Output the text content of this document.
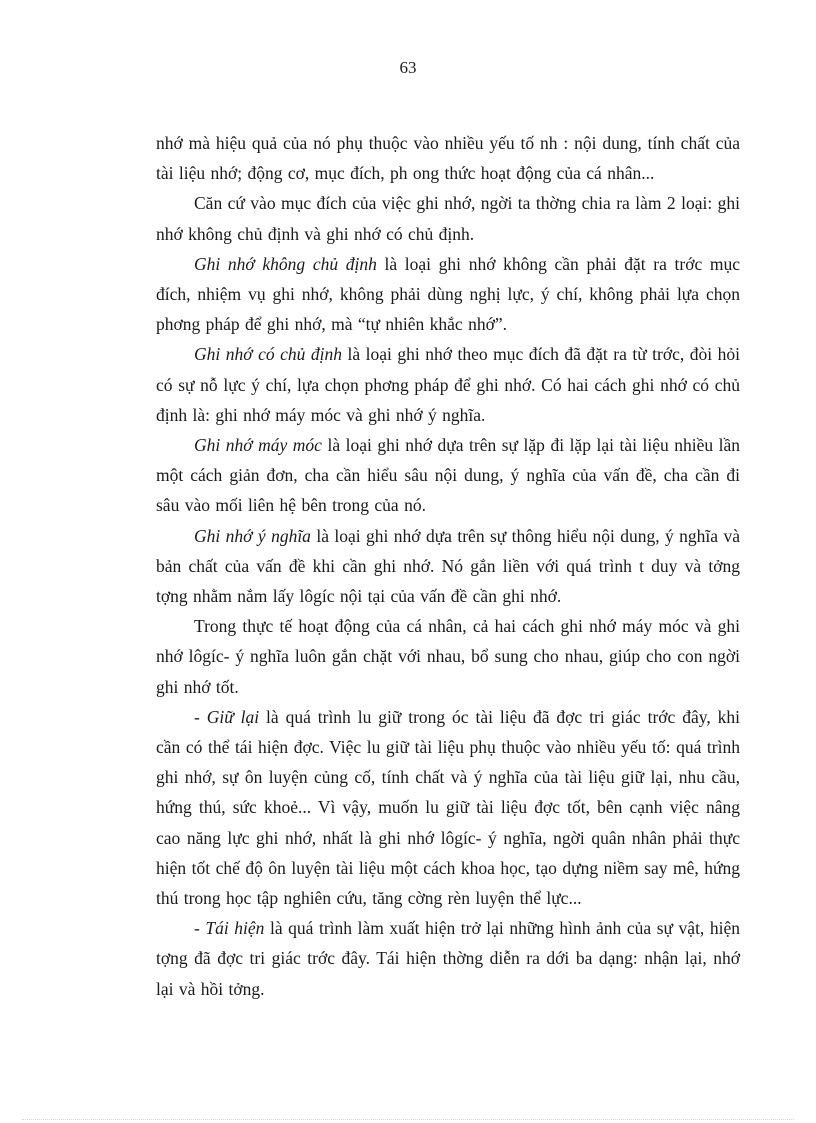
63

nhớ mà hiệu quả của nó phụ thuộc vào nhiều yếu tố nh : nội dung, tính chất của tài liệu nhớ; động cơ, mục đích, ph ong thức hoạt động của cá nhân...

Căn cứ vào mục đích của việc ghi nhớ, ngời ta thờng chia ra làm 2 loại: ghi nhớ không chủ định và ghi nhớ có chủ định.

Ghi nhớ không chủ định là loại ghi nhớ không cần phải đặt ra trớc mục đích, nhiệm vụ ghi nhớ, không phải dùng nghị lực, ý chí, không phải lựa chọn phơng pháp để ghi nhớ, mà “tự nhiên khắc nhớ”.

Ghi nhớ có chủ định là loại ghi nhớ theo mục đích đã đặt ra từ trớc, đòi hỏi có sự nỗ lực ý chí, lựa chọn phơng pháp để ghi nhớ. Có hai cách ghi nhớ có chủ định là: ghi nhớ máy móc và ghi nhớ ý nghĩa.

Ghi nhớ máy móc là loại ghi nhớ dựa trên sự lặp đi lặp lại tài liệu nhiều lần một cách giản đơn, cha cần hiểu sâu nội dung, ý nghĩa của vấn đề, cha cần đi sâu vào mối liên hệ bên trong của nó.

Ghi nhớ ý nghĩa là loại ghi nhớ dựa trên sự thông hiểu nội dung, ý nghĩa và bản chất của vấn đề khi cần ghi nhớ. Nó gắn liền với quá trình t duy và tởng tợng nhằm nắm lấy lôgíc nội tại của vấn đề cần ghi nhớ.

Trong thực tế hoạt động của cá nhân, cả hai cách ghi nhớ máy móc và ghi nhớ lôgíc- ý nghĩa luôn gắn chặt với nhau, bổ sung cho nhau, giúp cho con ngời ghi nhớ tốt.

- Giữ lại là quá trình lu giữ trong óc tài liệu đã đợc tri giác trớc đây, khi cần có thể tái hiện đợc. Việc lu giữ tài liệu phụ thuộc vào nhiều yếu tố: quá trình ghi nhớ, sự ôn luyện củng cố, tính chất và ý nghĩa của tài liệu giữ lại, nhu cầu, hứng thú, sức khoẻ... Vì vậy, muốn lu giữ tài liệu đợc tốt, bên cạnh việc nâng cao năng lực ghi nhớ, nhất là ghi nhớ lôgíc- ý nghĩa, ngời quân nhân phải thực hiện tốt chế độ ôn luyện tài liệu một cách khoa học, tạo dựng niềm say mê, hứng thú trong học tập nghiên cứu, tăng cờng rèn luyện thể lực...

- Tái hiện là quá trình làm xuất hiện trở lại những hình ảnh của sự vật, hiện tợng đã đợc tri giác trớc đây. Tái hiện thờng diễn ra dới ba dạng: nhận lại, nhớ lại và hồi tởng.
